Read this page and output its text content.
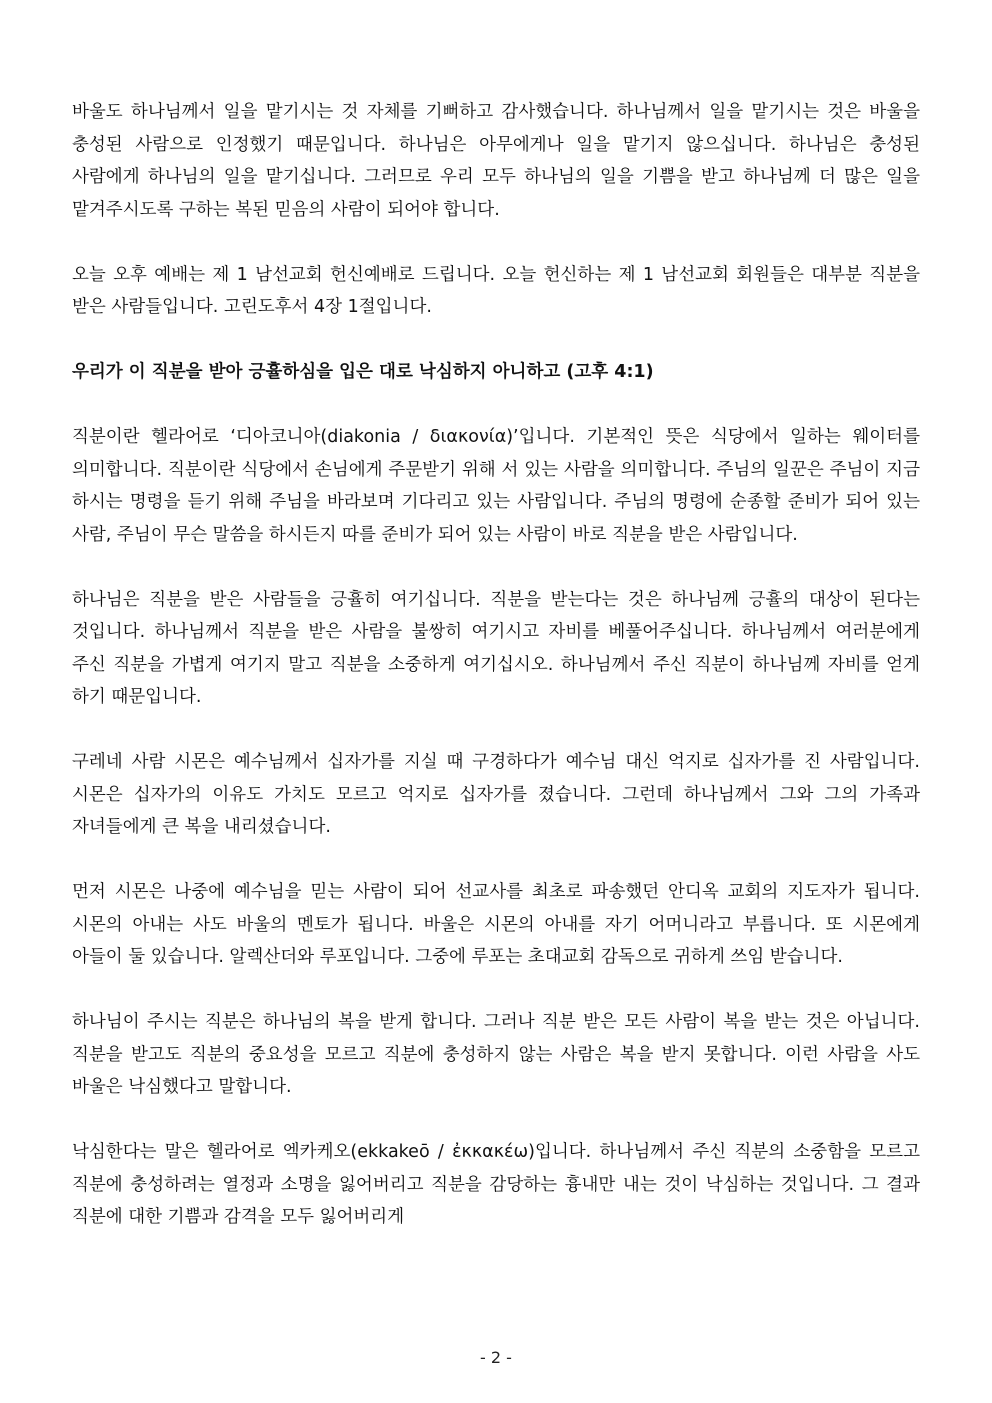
바울도 하나님께서 일을 맡기시는 것 자체를 기뻐하고 감사했습니다. 하나님께서 일을 맡기시는 것은 바울을 충성된 사람으로 인정했기 때문입니다. 하나님은 아무에게나 일을 맡기지 않으십니다. 하나님은 충성된 사람에게 하나님의 일을 맡기십니다. 그러므로 우리 모두 하나님의 일을 기쁨을 받고 하나님께 더 많은 일을 맡겨주시도록 구하는 복된 믿음의 사람이 되어야 합니다.

오늘 오후 예배는 제 1 남선교회 헌신예배로 드립니다. 오늘 헌신하는 제 1 남선교회 회원들은 대부분 직분을 받은 사람들입니다. 고린도후서 4장 1절입니다.

우리가 이 직분을 받아 긍휼하심을 입은 대로 낙심하지 아니하고 (고후 4:1)

직분이란 헬라어로 ‘디아코니아(diakonia / διακονία)’입니다. 기본적인 뜻은 식당에서 일하는 웨이터를 의미합니다. 직분이란 식당에서 손님에게 주문받기 위해 서 있는 사람을 의미합니다. 주님의 일꾼은 주님이 지금 하시는 명령을 듣기 위해 주님을 바라보며 기다리고 있는 사람입니다. 주님의 명령에 순종할 준비가 되어 있는 사람, 주님이 무슨 말씀을 하시든지 따를 준비가 되어 있는 사람이 바로 직분을 받은 사람입니다.

하나님은 직분을 받은 사람들을 긍휼히 여기십니다. 직분을 받는다는 것은 하나님께 긍휼의 대상이 된다는 것입니다. 하나님께서 직분을 받은 사람을 불쌍히 여기시고 자비를 베풀어주십니다. 하나님께서 여러분에게 주신 직분을 가볍게 여기지 말고 직분을 소중하게 여기십시오. 하나님께서 주신 직분이 하나님께 자비를 얻게 하기 때문입니다.

구레네 사람 시몬은 예수님께서 십자가를 지실 때 구경하다가 예수님 대신 억지로 십자가를 진 사람입니다. 시몬은 십자가의 이유도 가치도 모르고 억지로 십자가를 졌습니다. 그런데 하나님께서 그와 그의 가족과 자녀들에게 큰 복을 내리셨습니다.

먼저 시몬은 나중에 예수님을 믿는 사람이 되어 선교사를 최초로 파송했던 안디옥 교회의 지도자가 됩니다. 시몬의 아내는 사도 바울의 멘토가 됩니다. 바울은 시몬의 아내를 자기 어머니라고 부릅니다. 또 시몬에게 아들이 둘 있습니다. 알렉산더와 루포입니다. 그중에 루포는 초대교회 감독으로 귀하게 쓰임 받습니다.

하나님이 주시는 직분은 하나님의 복을 받게 합니다. 그러나 직분 받은 모든 사람이 복을 받는 것은 아닙니다. 직분을 받고도 직분의 중요성을 모르고 직분에 충성하지 않는 사람은 복을 받지 못합니다. 이런 사람을 사도 바울은 낙심했다고 말합니다.

낙심한다는 말은 헬라어로 엑카케오(ekkakeō / ἐκκακέω)입니다. 하나님께서 주신 직분의 소중함을 모르고 직분에 충성하려는 열정과 소명을 잃어버리고 직분을 감당하는 흉내만 내는 것이 낙심하는 것입니다. 그 결과 직분에 대한 기쁨과 감격을 모두 잃어버리게

- 2 -
